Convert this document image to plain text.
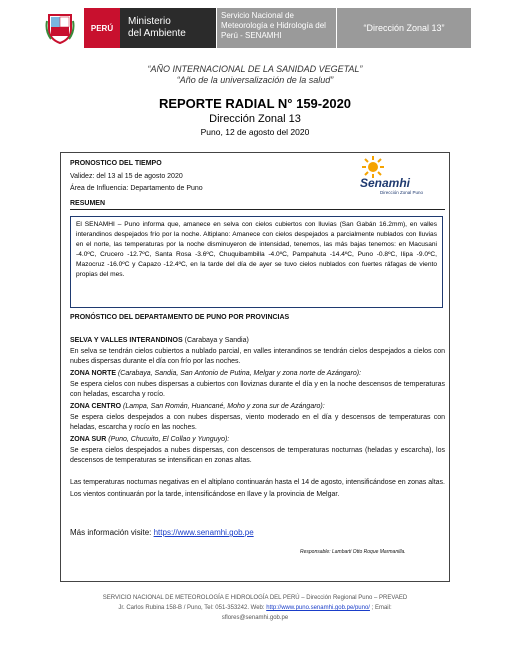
PERÚ
Ministerio
del Ambiente
Servicio Nacional de
Meteorología e Hidrología del
Perú - SENAMHI
“Dirección Zonal 13”
“AÑO INTERNACIONAL DE LA SANIDAD VEGETAL”
“Año de la universalización de la salud”
REPORTE RADIAL N° 159-2020
Dirección Zonal 13
Puno, 12 de agosto del 2020
PRONOSTICO DEL TIEMPO
Validez: del 13 al 15 de agosto 2020
Área de Influencia: Departamento de Puno	Senamhi
Dirección Zonal Puno
RESUMEN
El SENAMHI – Puno informa que, amanece en selva con cielos cubiertos con lluvias (San Gabán 16.2mm), en valles interandinos despejados frío por la noche. Altiplano: Amanece con cielos despejados a parcialmente nublados con lluvias en el norte, las temperaturas por la noche disminuyeron de intensidad, tenemos, las más bajas tenemos: en Macusani -4.0ºC, Crucero -12.7ºC, Santa Rosa -3.6ºC, Chuquibambilla -4.0ºC, Pampahuta -14.4ºC, Puno -0.8ºC, Ilipa -9.0ºC, Mazocruz -16.0ºC y Capazo -12.4ºC, en la tarde del día de ayer se tuvo cielos nublados con fuertes ráfagas de viento propias del mes.
PRONÓSTICO DEL DEPARTAMENTO DE PUNO POR PROVINCIAS
SELVA Y VALLES INTERANDINOS (Carabaya y Sandia)
En selva se tendrán cielos cubiertos a nublado parcial, en valles interandinos se tendrán cielos despejados a cielos con nubes dispersas durante el día con frío por las noches.
ZONA NORTE (Carabaya, Sandia, San Antonio de Putina, Melgar y zona norte de Azángaro):
Se espera cielos con nubes dispersas a cubiertos con lloviznas durante el día y en la noche descensos de temperaturas con heladas, escarcha y rocío.
ZONA CENTRO (Lampa, San Román, Huancané, Moho y zona sur de Azángaro):
Se espera cielos despejados a con nubes dispersas, viento moderado en el día y descensos de temperaturas con heladas, escarcha y rocío en las noches.
ZONA SUR (Puno, Chucuito, El Collao y Yunguyo):
Se espera cielos despejados a nubes dispersas, con descensos de temperaturas nocturnas (heladas y escarcha), los descensos de temperaturas se intensifican en zonas altas.
Las temperaturas nocturnas negativas en el altiplano continuarán hasta el 14 de agosto, intensificándose en zonas altas. Los vientos continuarán por la tarde, intensificándose en Ilave y la provincia de Melgar.
Más información visite: https://www.senamhi.gob.pe
Responsable: Lambarti Otto Roque Marmanilla.
SERVICIO NACIONAL DE METEOROLOGÍA E HIDROLOGÍA DEL PERÚ – Dirección Regional Puno – PREVAED
Jr. Carlos Rubina 158-B / Puno, Tel: 051-353242. Web: http://www.puno.senamhi.gob.pe/puno/ ; Email:
sflores@senamhi.gob.pe
